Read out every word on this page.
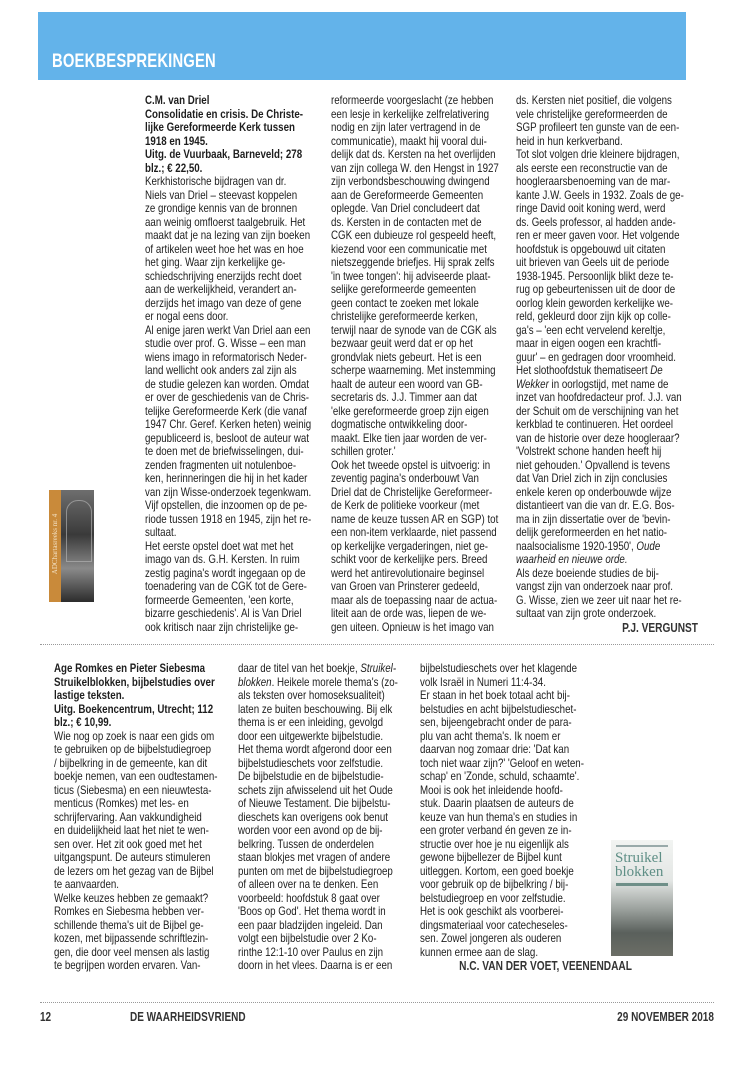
BOEKBESPREKINGEN
ADChartasreeks nr. 4
C.M. van Driel
Consolidatie en crisis. De Christe-
lijke Gereformeerde Kerk tussen
1918 en 1945.
Uitg. de Vuurbaak, Barneveld; 278
blz.; € 22,50.
Kerkhistorische bijdragen van dr.
Niels van Driel – steevast koppelen
ze grondige kennis van de bronnen
aan weinig omfloerst taalgebruik. Het
maakt dat je na lezing van zijn boeken
of artikelen weet hoe het was en hoe
het ging. Waar zijn kerkelijke ge-
schiedschrijving enerzijds recht doet
aan de werkelijkheid, verandert an-
derzijds het imago van deze of gene
er nogal eens door.
Al enige jaren werkt Van Driel aan een
studie over prof. G. Wisse – een man
wiens imago in reformatorisch Neder-
land wellicht ook anders zal zijn als
de studie gelezen kan worden. Omdat
er over de geschiedenis van de Chris-
telijke Gereformeerde Kerk (die vanaf
1947 Chr. Geref. Kerken heten) weinig
gepubliceerd is, besloot de auteur wat
te doen met de briefwisselingen, dui-
zenden fragmenten uit notulenboe-
ken, herinneringen die hij in het kader
van zijn Wisse-onderzoek tegenkwam.
Vijf opstellen, die inzoomen op de pe-
riode tussen 1918 en 1945, zijn het re-
sultaat.
Het eerste opstel doet wat met het
imago van ds. G.H. Kersten. In ruim
zestig pagina's wordt ingegaan op de
toenadering van de CGK tot de Gere-
formeerde Gemeenten, 'een korte,
bizarre geschiedenis'. Al is Van Driel
ook kritisch naar zijn christelijke ge-
reformeerde voorgeslacht (ze hebben
een lesje in kerkelijke zelfrelativering
nodig en zijn later vertragend in de
communicatie), maakt hij vooral dui-
delijk dat ds. Kersten na het overlijden
van zijn collega W. den Hengst in 1927
zijn verbondsbeschouwing dwingend
aan de Gereformeerde Gemeenten
oplegde. Van Driel concludeert dat
ds. Kersten in de contacten met de
CGK een dubieuze rol gespeeld heeft,
kiezend voor een communicatie met
nietszeggende briefjes. Hij sprak zelfs
'in twee tongen': hij adviseerde plaat-
selijke gereformeerde gemeenten
geen contact te zoeken met lokale
christelijke gereformeerde kerken,
terwijl naar de synode van de CGK als
bezwaar geuit werd dat er op het
grondvlak niets gebeurt. Het is een
scherpe waarneming. Met instemming
haalt de auteur een woord van GB-
secretaris ds. J.J. Timmer aan dat
'elke gereformeerde groep zijn eigen
dogmatische ontwikkeling door-
maakt. Elke tien jaar worden de ver-
schillen groter.'
Ook het tweede opstel is uitvoerig: in
zeventig pagina's onderbouwt Van
Driel dat de Christelijke Gereformeer-
de Kerk de politieke voorkeur (met
name de keuze tussen AR en SGP) tot
een non-item verklaarde, niet passend
op kerkelijke vergaderingen, niet ge-
schikt voor de kerkelijke pers. Breed
werd het antirevolutionaire beginsel
van Groen van Prinsterer gedeeld,
maar als de toepassing naar de actua-
liteit aan de orde was, liepen de we-
gen uiteen. Opnieuw is het imago van
ds. Kersten niet positief, die volgens
vele christelijke gereformeerden de
SGP profileert ten gunste van de een-
heid in hun kerkverband.
Tot slot volgen drie kleinere bijdragen,
als eerste een reconstructie van de
hoogleraarsbenoeming van de mar-
kante J.W. Geels in 1932. Zoals de ge-
ringe David ooit koning werd, werd
ds. Geels professor, al hadden ande-
ren er meer gaven voor. Het volgende
hoofdstuk is opgebouwd uit citaten
uit brieven van Geels uit de periode
1938-1945. Persoonlijk blikt deze te-
rug op gebeurtenissen uit de door de
oorlog klein geworden kerkelijke we-
reld, gekleurd door zijn kijk op colle-
ga's – 'een echt vervelend kereltje,
maar in eigen oogen een krachtfi-
guur' – en gedragen door vroomheid.
Het slothoofdstuk thematiseert De
Wekker in oorlogstijd, met name de
inzet van hoofdredacteur prof. J.J. van
der Schuit om de verschijning van het
kerkblad te continueren. Het oordeel
van de historie over deze hoogleraar?
'Volstrekt schone handen heeft hij
niet gehouden.' Opvallend is tevens
dat Van Driel zich in zijn conclusies
enkele keren op onderbouwde wijze
distantieert van die van dr. E.G. Bos-
ma in zijn dissertatie over de 'bevin-
delijk gereformeerden en het natio-
naalsocialisme 1920-1950', Oude
waarheid en nieuwe orde.
Als deze boeiende studies de bij-
vangst zijn van onderzoek naar prof.
G. Wisse, zien we zeer uit naar het re-
sultaat van zijn grote onderzoek.
P.J. VERGUNST
Age Romkes en Pieter Siebesma
Struikelblokken, bijbelstudies over
lastige teksten.
Uitg. Boekencentrum, Utrecht; 112
blz.; € 10,99.
Wie nog op zoek is naar een gids om
te gebruiken op de bijbelstudiegroep
/ bijbelkring in de gemeente, kan dit
boekje nemen, van een oudtestamen-
ticus (Siebesma) en een nieuwtesta-
menticus (Romkes) met les- en
schrijfervaring. Aan vakkundigheid
en duidelijkheid laat het niet te wen-
sen over. Het zit ook goed met het
uitgangspunt. De auteurs stimuleren
de lezers om het gezag van de Bijbel
te aanvaarden.
Welke keuzes hebben ze gemaakt?
Romkes en Siebesma hebben ver-
schillende thema's uit de Bijbel ge-
kozen, met bijpassende schriftlezin-
gen, die door veel mensen als lastig
te begrijpen worden ervaren. Van-
daar de titel van het boekje, Struikel-
blokken. Heikele morele thema's (zo-
als teksten over homoseksualiteit)
laten ze buiten beschouwing. Bij elk
thema is er een inleiding, gevolgd
door een uitgewerkte bijbelstudie.
Het thema wordt afgerond door een
bijbelstudieschets voor zelfstudie.
De bijbelstudie en de bijbelstudie-
schets zijn afwisselend uit het Oude
of Nieuwe Testament. Die bijbelstu-
dieschets kan overigens ook benut
worden voor een avond op de bij-
belkring. Tussen de onderdelen
staan blokjes met vragen of andere
punten om met de bijbelstudiegroep
of alleen over na te denken. Een
voorbeeld: hoofdstuk 8 gaat over
'Boos op God'. Het thema wordt in
een paar bladzijden ingeleid. Dan
volgt een bijbelstudie over 2 Ko-
rinthe 12:1-10 over Paulus en zijn
doorn in het vlees. Daarna is er een
bijbelstudieschets over het klagende
volk Israël in Numeri 11:4-34.
Er staan in het boek totaal acht bij-
belstudies en acht bijbelstudieschet-
sen, bijeengebracht onder de para-
plu van acht thema's. Ik noem er
daarvan nog zomaar drie: 'Dat kan
toch niet waar zijn?' 'Geloof en weten-
schap' en 'Zonde, schuld, schaamte'.
Mooi is ook het inleidende hoofd-
stuk. Daarin plaatsen de auteurs de
keuze van hun thema's en studies in
een groter verband én geven ze in-
structie over hoe je nu eigenlijk als
gewone bijbellezer de Bijbel kunt
uitleggen. Kortom, een goed boekje
voor gebruik op de bijbelkring / bij-
belstudiegroep en voor zelfstudie.
Het is ook geschikt als voorberei-
dingsmateriaal voor catecheseles-
sen. Zowel jongeren als ouderen
kunnen ermee aan de slag.
N.C. VAN DER VOET, VEENENDAAL
Struikel
blokken
12	DE WAARHEIDSVRIEND	29 NOVEMBER 2018
